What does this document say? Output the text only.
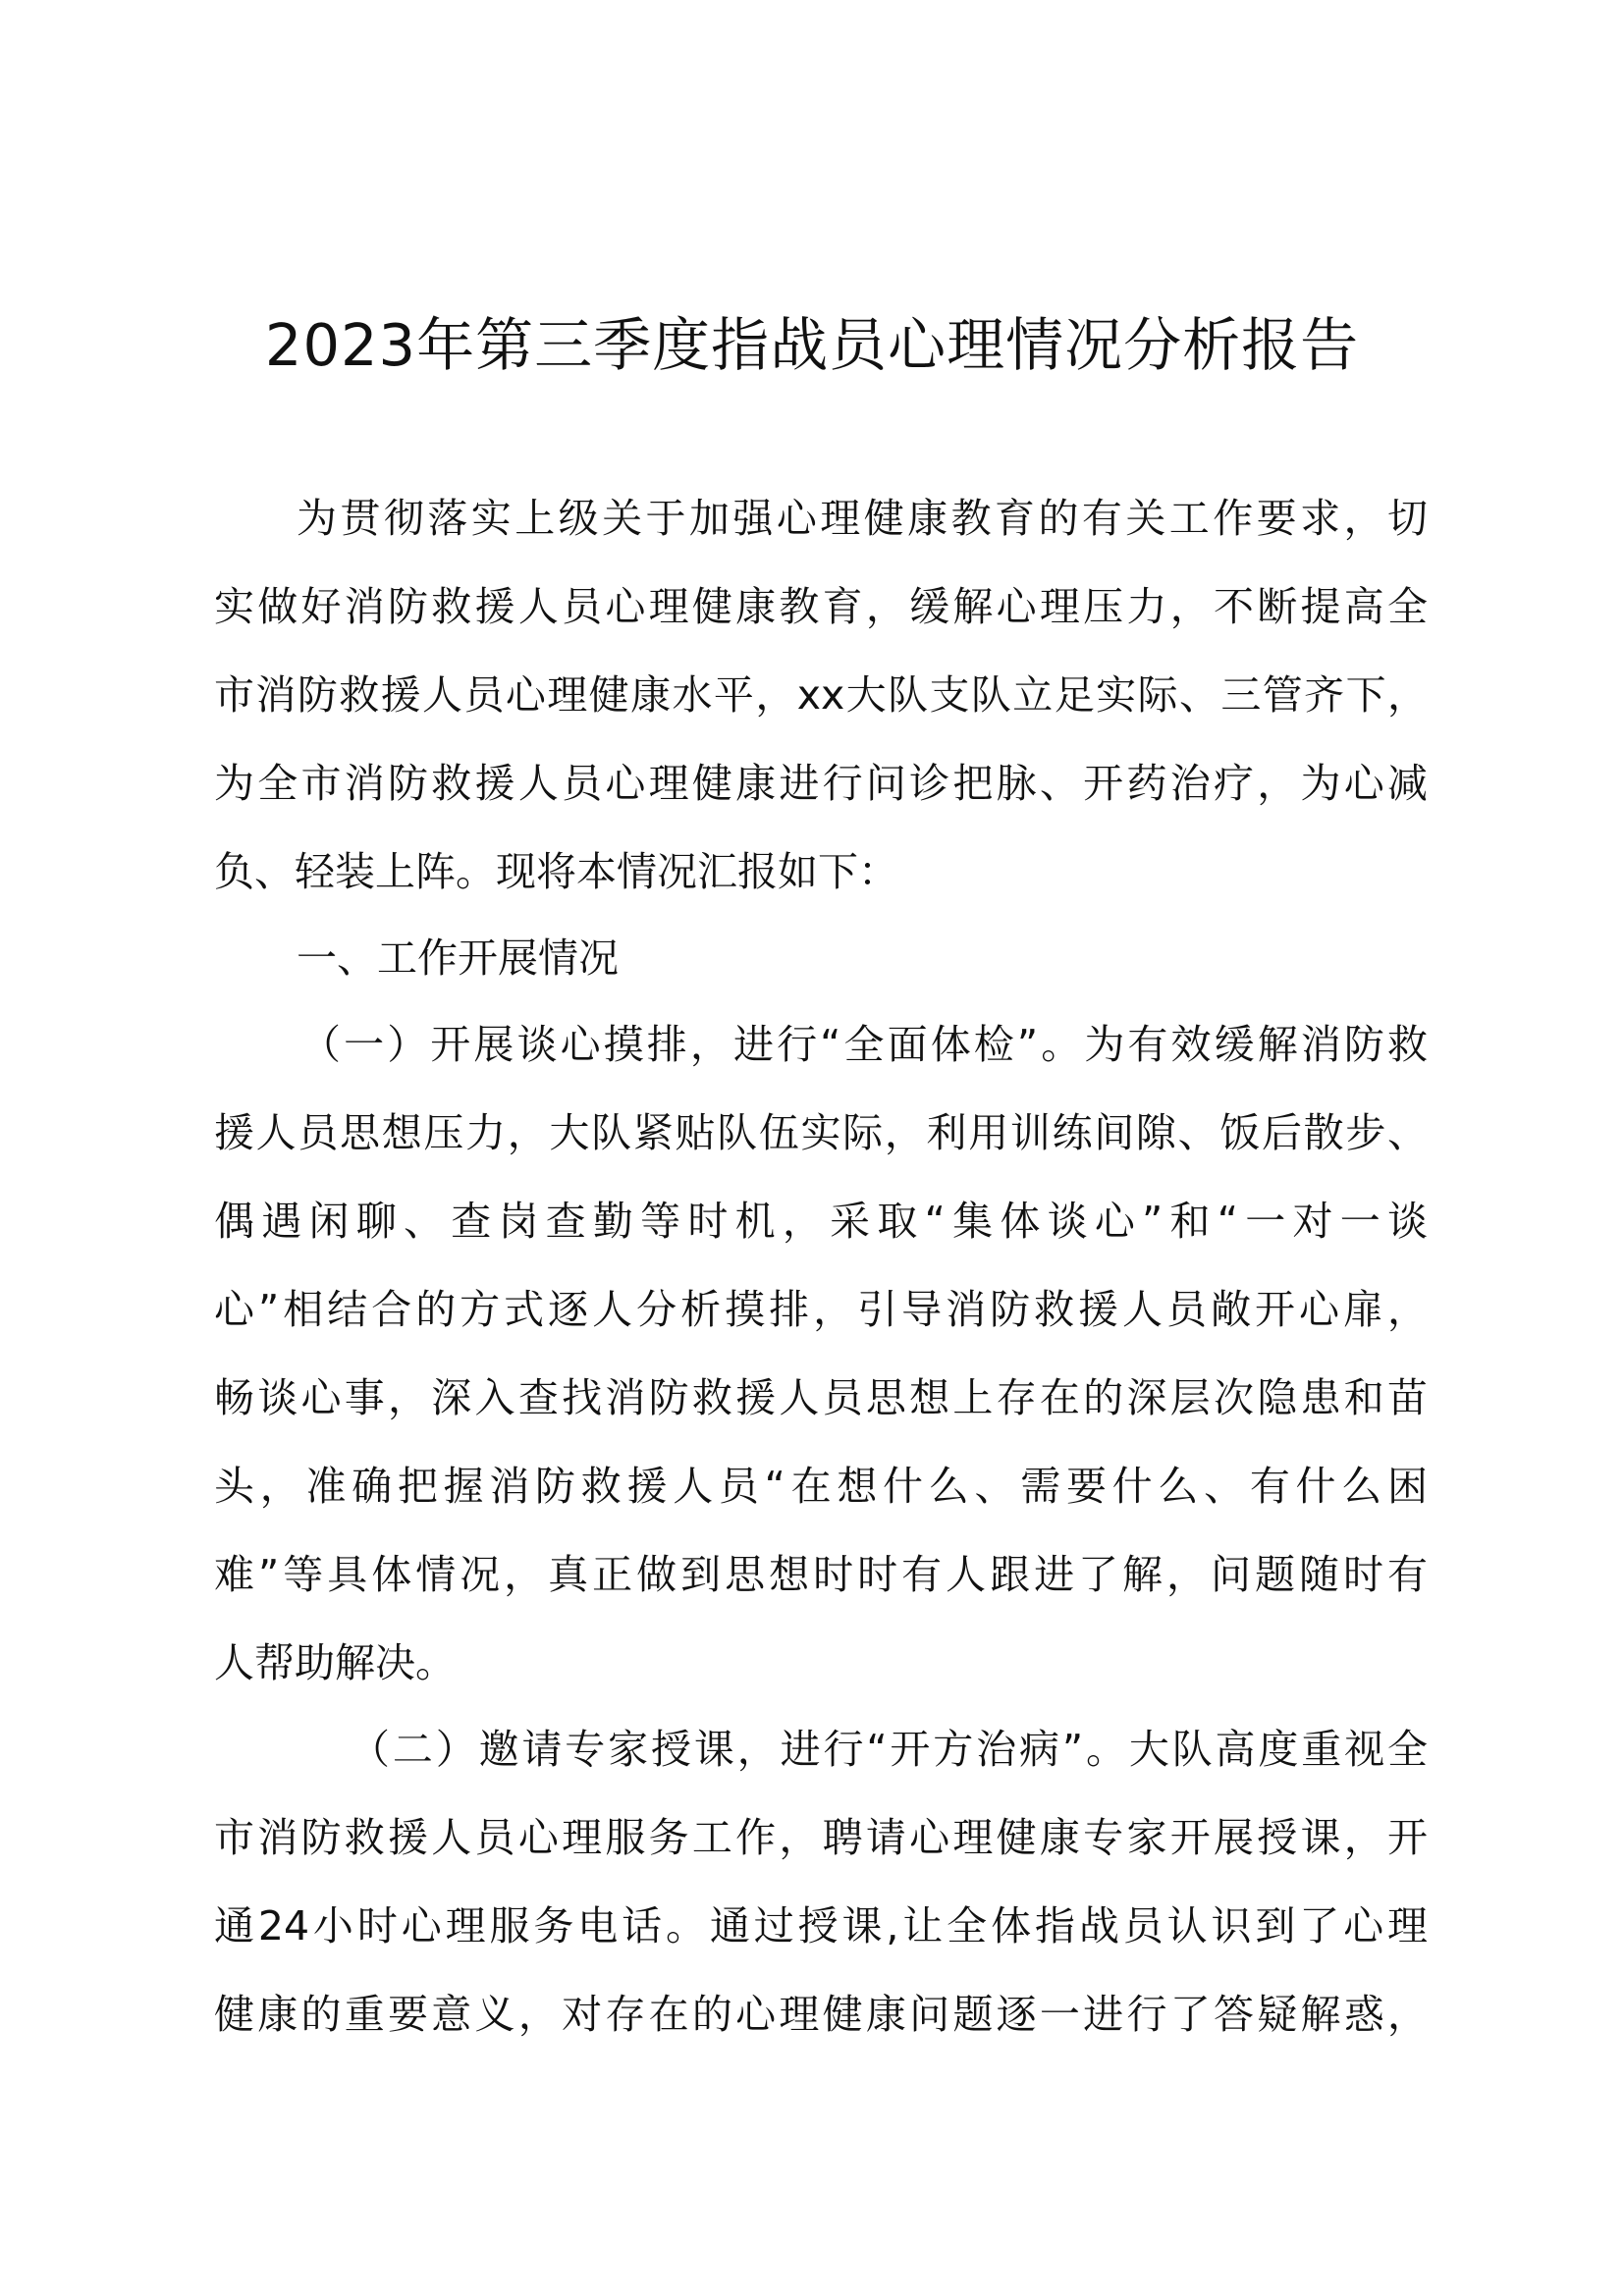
2023年第三季度指战员心理情况分析报告

为贯彻落实上级关于加强心理健康教育的有关工作要求，切

实做好消防救援人员心理健康教育，缓解心理压力，不断提高全

市消防救援人员心理健康水平，xx大队支队立足实际、三管齐下，

为全市消防救援人员心理健康进行问诊把脉、开药治疗，为心减

负、轻装上阵。现将本情况汇报如下：

一、工作开展情况

（一）开展谈心摸排，进行“全面体检”。为有效缓解消防救

援人员思想压力，大队紧贴队伍实际，利用训练间隙、饭后散步、

偶遇闲聊、查岗查勤等时机，采取“集体谈心”和“一对一谈

心”相结合的方式逐人分析摸排，引导消防救援人员敞开心扉，

畅谈心事，深入查找消防救援人员思想上存在的深层次隐患和苗

头，准确把握消防救援人员“在想什么、需要什么、有什么困

难”等具体情况，真正做到思想时时有人跟进了解，问题随时有

人帮助解决。

（二）邀请专家授课，进行“开方治病”。大队高度重视全

市消防救援人员心理服务工作，聘请心理健康专家开展授课，开

通24小时心理服务电话。通过授课,让全体指战员认识到了心理

健康的重要意义，对存在的心理健康问题逐一进行了答疑解惑，
